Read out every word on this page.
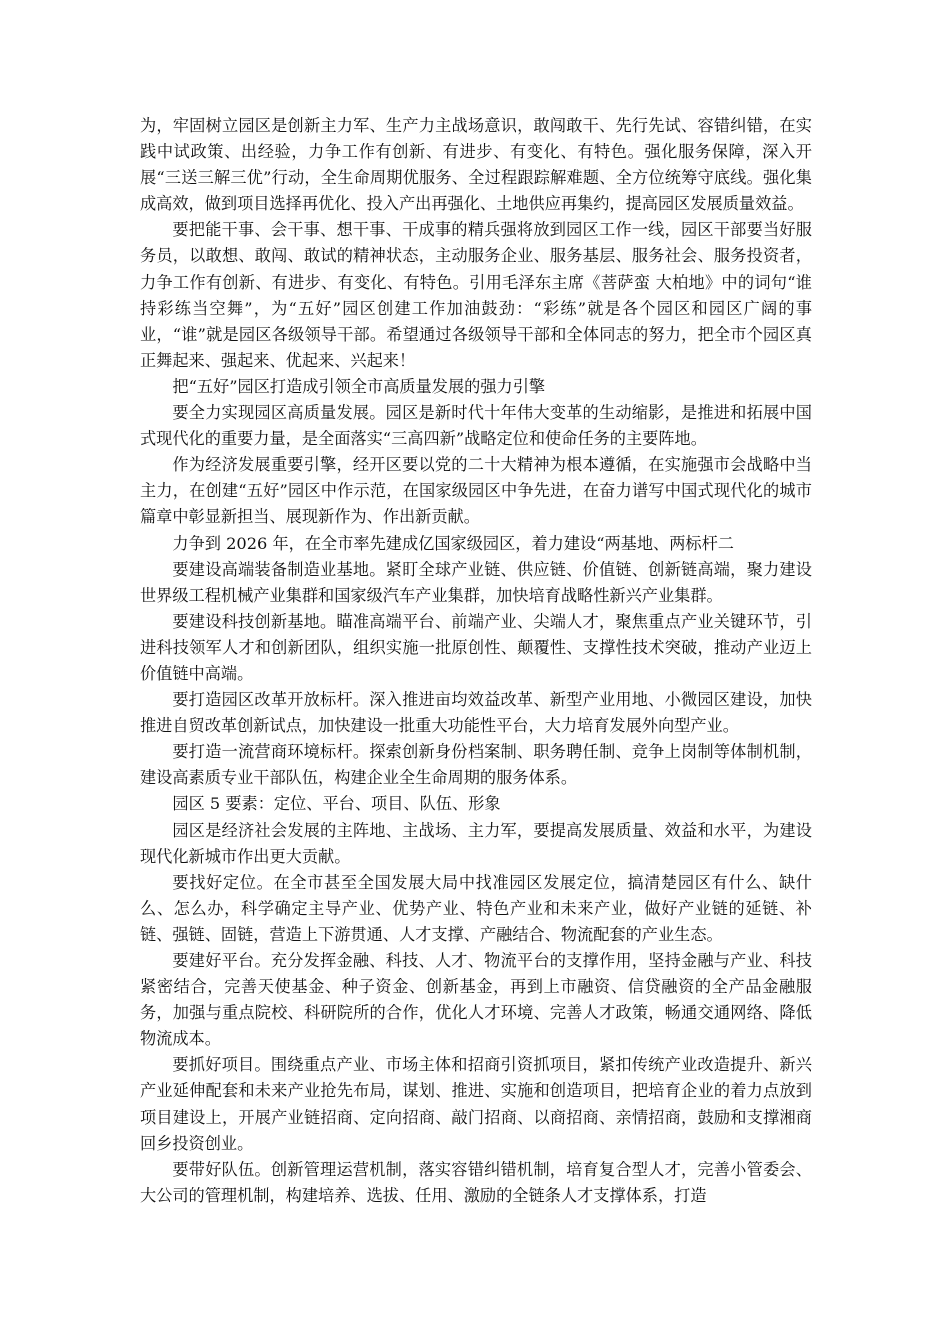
为，牢固树立园区是创新主力军、生产力主战场意识，敢闯敢干、先行先试、容错纠错，在实践中试政策、出经验，力争工作有创新、有进步、有变化、有特色。强化服务保障，深入开展“三送三解三优”行动，全生命周期优服务、全过程跟踪解难题、全方位统筹守底线。强化集成高效，做到项目选择再优化、投入产出再强化、土地供应再集约，提高园区发展质量效益。

要把能干事、会干事、想干事、干成事的精兵强将放到园区工作一线，园区干部要当好服务员，以敢想、敢闯、敢试的精神状态，主动服务企业、服务基层、服务社会、服务投资者，力争工作有创新、有进步、有变化、有特色。引用毛泽东主席《菩萨蛮 大柏地》中的词句“谁持彩练当空舞”，为“五好”园区创建工作加油鼓劲：“彩练”就是各个园区和园区广阔的事业，“谁”就是园区各级领导干部。希望通过各级领导干部和全体同志的努力，把全市个园区真正舞起来、强起来、优起来、兴起来！

把“五好”园区打造成引领全市高质量发展的强力引擎

要全力实现园区高质量发展。园区是新时代十年伟大变革的生动缩影，是推进和拓展中国式现代化的重要力量，是全面落实“三高四新”战略定位和使命任务的主要阵地。

作为经济发展重要引擎，经开区要以党的二十大精神为根本遵循，在实施强市会战略中当主力，在创建“五好”园区中作示范，在国家级园区中争先进，在奋力谱写中国式现代化的城市篇章中彰显新担当、展现新作为、作出新贡献。

力争到 2026 年，在全市率先建成亿国家级园区，着力建设“两基地、两标杆二

要建设高端装备制造业基地。紧盯全球产业链、供应链、价值链、创新链高端，聚力建设世界级工程机械产业集群和国家级汽车产业集群，加快培育战略性新兴产业集群。

要建设科技创新基地。瞄准高端平台、前端产业、尖端人才，聚焦重点产业关键环节，引进科技领军人才和创新团队，组织实施一批原创性、颠覆性、支撑性技术突破，推动产业迈上价值链中高端。

要打造园区改革开放标杆。深入推进亩均效益改革、新型产业用地、小微园区建设，加快推进自贸改革创新试点，加快建设一批重大功能性平台，大力培育发展外向型产业。

要打造一流营商环境标杆。探索创新身份档案制、职务聘任制、竞争上岗制等体制机制，建设高素质专业干部队伍，构建企业全生命周期的服务体系。

园区 5 要素：定位、平台、项目、队伍、形象

园区是经济社会发展的主阵地、主战场、主力军，要提高发展质量、效益和水平，为建设现代化新城市作出更大贡献。

要找好定位。在全市甚至全国发展大局中找准园区发展定位，搞清楚园区有什么、缺什么、怎么办，科学确定主导产业、优势产业、特色产业和未来产业，做好产业链的延链、补链、强链、固链，营造上下游贯通、人才支撑、产融结合、物流配套的产业生态。

要建好平台。充分发挥金融、科技、人才、物流平台的支撑作用，坚持金融与产业、科技紧密结合，完善天使基金、种子资金、创新基金，再到上市融资、信贷融资的全产品金融服务，加强与重点院校、科研院所的合作，优化人才环境、完善人才政策，畅通交通网络、降低物流成本。

要抓好项目。围绕重点产业、市场主体和招商引资抓项目，紧扣传统产业改造提升、新兴产业延伸配套和未来产业抢先布局，谋划、推进、实施和创造项目，把培育企业的着力点放到项目建设上，开展产业链招商、定向招商、敲门招商、以商招商、亲情招商，鼓励和支撑湘商回乡投资创业。

要带好队伍。创新管理运营机制，落实容错纠错机制，培育复合型人才，完善小管委会、大公司的管理机制，构建培养、选拔、任用、激励的全链条人才支撑体系，打造
